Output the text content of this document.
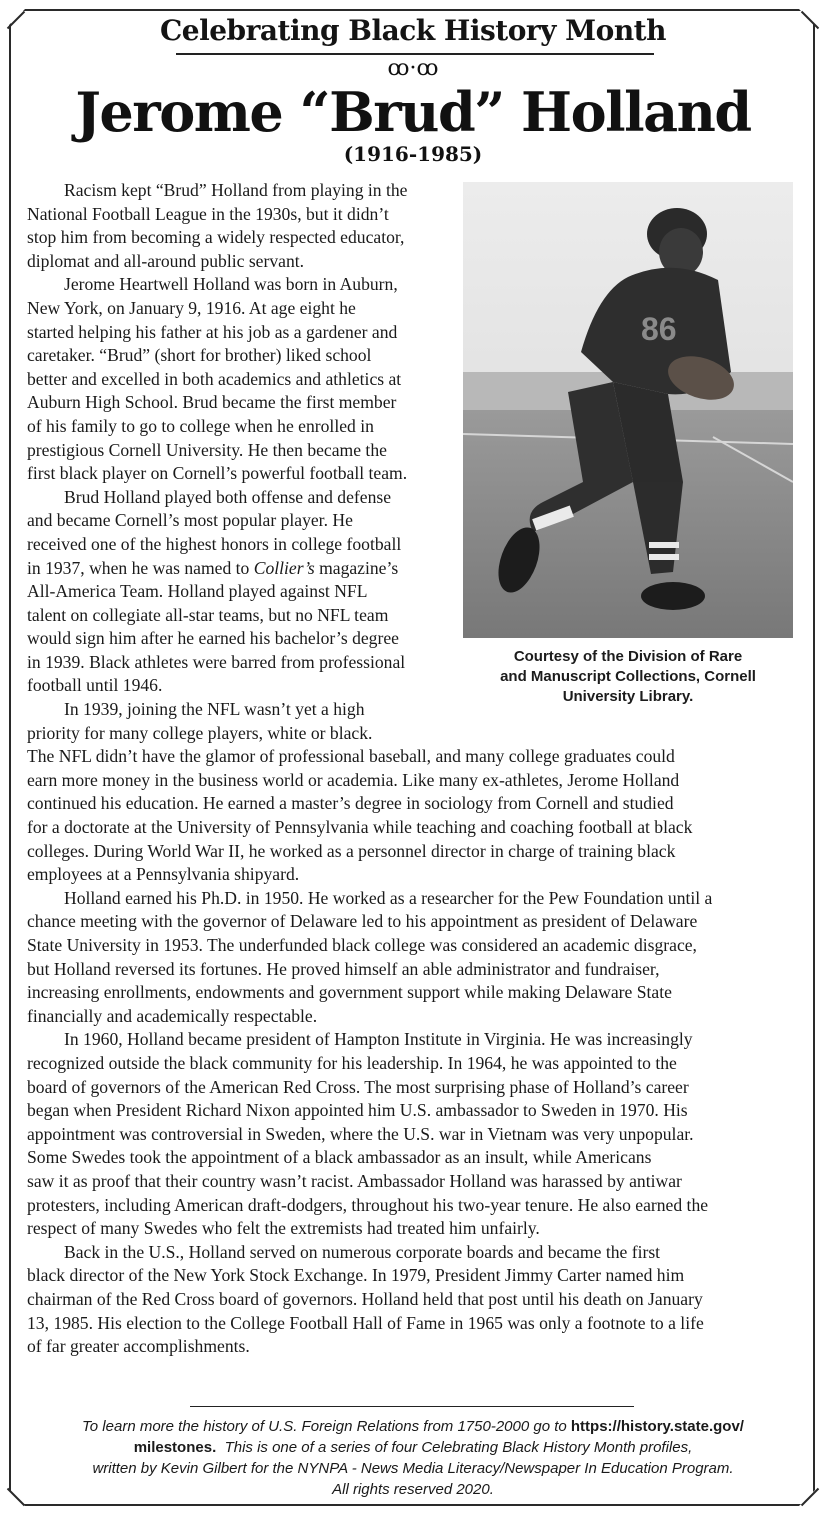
Celebrating Black History Month
ꝏ·ꝏ
Jerome “Brud” Holland
(1916-1985)
86
Courtesy of the Division of Rare
and Manuscript Collections, Cornell
University Library.
Racism kept “Brud” Holland from playing in the
National Football League in the 1930s, but it didn’t
stop him from becoming a widely respected educator,
diplomat and all-around public servant.
Jerome Heartwell Holland was born in Auburn,
New York, on January 9, 1916. At age eight he
started helping his father at his job as a gardener and
caretaker. “Brud” (short for brother) liked school
better and excelled in both academics and athletics at
Auburn High School. Brud became the first member
of his family to go to college when he enrolled in
prestigious Cornell University. He then became the
first black player on Cornell’s powerful football team.
Brud Holland played both offense and defense
and became Cornell’s most popular player. He
received one of the highest honors in college football
in 1937, when he was named to Collier’s magazine’s
All-America Team. Holland played against NFL
talent on collegiate all-star teams, but no NFL team
would sign him after he earned his bachelor’s degree
in 1939. Black athletes were barred from professional
football until 1946.
In 1939, joining the NFL wasn’t yet a high
priority for many college players, white or black.
The NFL didn’t have the glamor of professional baseball, and many college graduates could
earn more money in the business world or academia. Like many ex-athletes, Jerome Holland
continued his education. He earned a master’s degree in sociology from Cornell and studied
for a doctorate at the University of Pennsylvania while teaching and coaching football at black
colleges. During World War II, he worked as a personnel director in charge of training black
employees at a Pennsylvania shipyard.
Holland earned his Ph.D. in 1950. He worked as a researcher for the Pew Foundation until a
chance meeting with the governor of Delaware led to his appointment as president of Delaware
State University in 1953. The underfunded black college was considered an academic disgrace,
but Holland reversed its fortunes. He proved himself an able administrator and fundraiser,
increasing enrollments, endowments and government support while making Delaware State
financially and academically respectable.
In 1960, Holland became president of Hampton Institute in Virginia. He was increasingly
recognized outside the black community for his leadership. In 1964, he was appointed to the
board of governors of the American Red Cross. The most surprising phase of Holland’s career
began when President Richard Nixon appointed him U.S. ambassador to Sweden in 1970. His
appointment was controversial in Sweden, where the U.S. war in Vietnam was very unpopular.
Some Swedes took the appointment of a black ambassador as an insult, while Americans
saw it as proof that their country wasn’t racist. Ambassador Holland was harassed by antiwar
protesters, including American draft-dodgers, throughout his two-year tenure. He also earned the
respect of many Swedes who felt the extremists had treated him unfairly.
Back in the U.S., Holland served on numerous corporate boards and became the first
black director of the New York Stock Exchange. In 1979, President Jimmy Carter named him
chairman of the Red Cross board of governors. Holland held that post until his death on January
13, 1985. His election to the College Football Hall of Fame in 1965 was only a footnote to a life
of far greater accomplishments.
To learn more the history of U.S. Foreign Relations from 1750-2000 go to https://history.state.gov/
milestones.  This is one of a series of four Celebrating Black History Month profiles,
written by Kevin Gilbert for the NYNPA - News Media Literacy/Newspaper In Education Program.
All rights reserved 2020.
